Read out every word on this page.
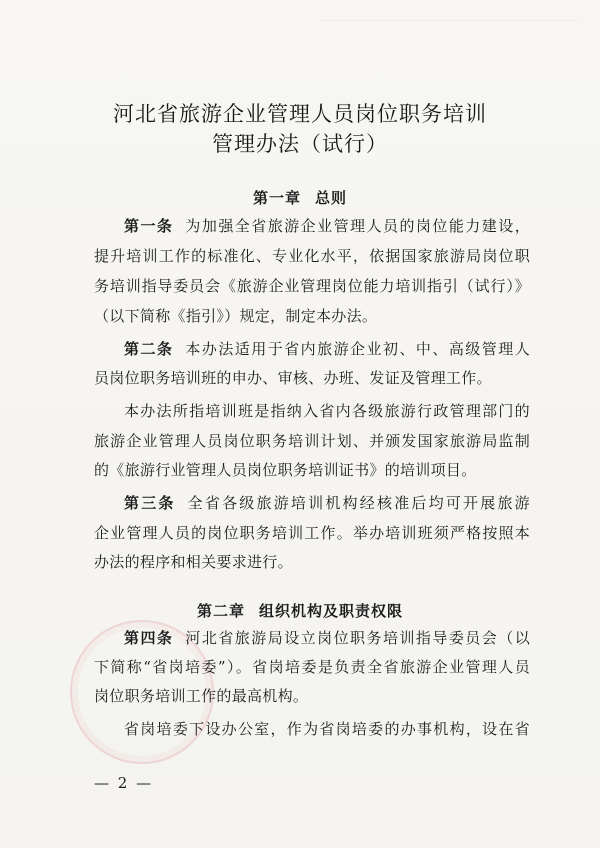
河北省旅游企业管理人员岗位职务培训
管理办法（试行）
第一章 总则
第一条 为加强全省旅游企业管理人员的岗位能力建设，
提升培训工作的标准化、专业化水平，依据国家旅游局岗位职
务培训指导委员会《旅游企业管理岗位能力培训指引（试行）》
（以下简称《指引》）规定，制定本办法。
第二条 本办法适用于省内旅游企业初、中、高级管理人
员岗位职务培训班的申办、审核、办班、发证及管理工作。
本办法所指培训班是指纳入省内各级旅游行政管理部门的
旅游企业管理人员岗位职务培训计划、并颁发国家旅游局监制
的《旅游行业管理人员岗位职务培训证书》的培训项目。
第三条 全省各级旅游培训机构经核准后均可开展旅游
企业管理人员的岗位职务培训工作。举办培训班须严格按照本
办法的程序和相关要求进行。
第二章 组织机构及职责权限
第四条 河北省旅游局设立岗位职务培训指导委员会（以
下简称“省岗培委”）。省岗培委是负责全省旅游企业管理人员
岗位职务培训工作的最高机构。
省岗培委下设办公室，作为省岗培委的办事机构，设在省
— 2 —
